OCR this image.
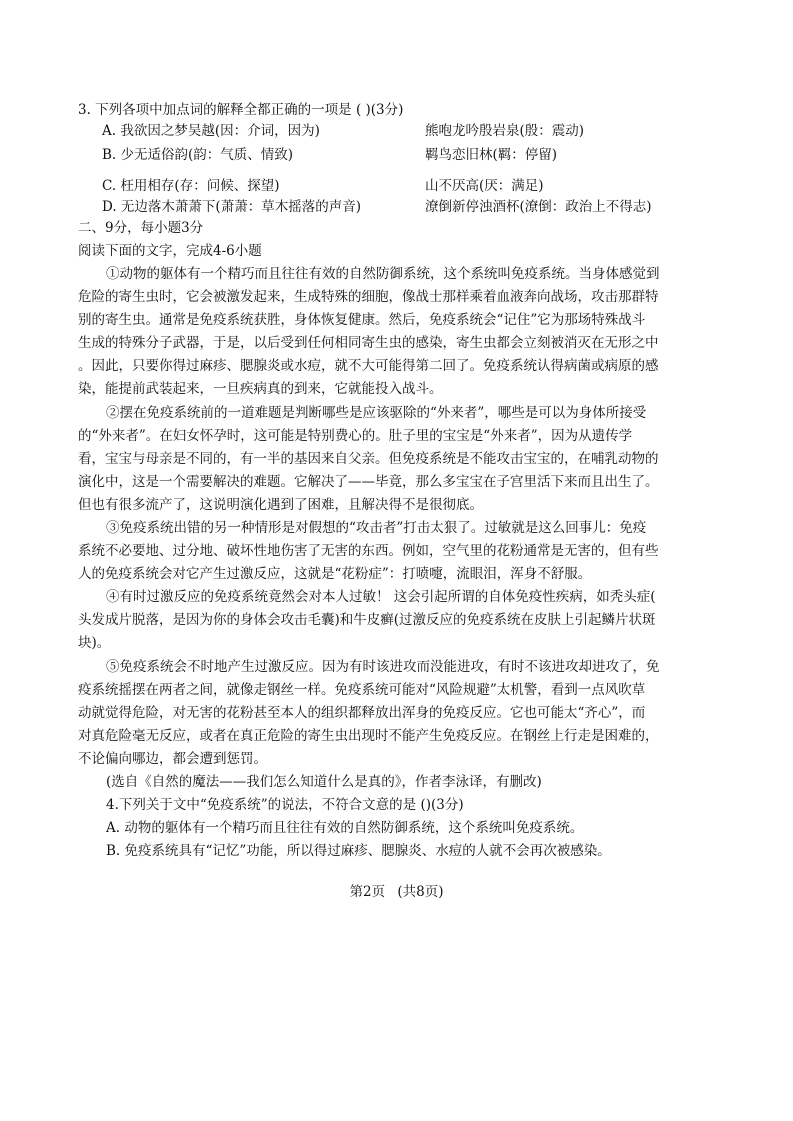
3. 下列各项中加点词的解释全都正确的一项是 ( )(3分)
A. 我欲因之梦吴越(因：介词，因为)	熊咆龙吟殷岩泉(殷：震动)
B. 少无适俗韵(韵：气质、情致)	羁鸟恋旧林(羁：停留)
C. 枉用相存(存：问候、探望)	山不厌高(厌：满足)
D. 无边落木萧萧下(萧萧：草木摇落的声音)	潦倒新停浊酒杯(潦倒：政治上不得志)
二、9分，每小题3分
阅读下面的文字，完成4-6小题
①动物的躯体有一个精巧而且往往有效的自然防御系统，这个系统叫免疫系统。当身体感觉到
危险的寄生虫时，它会被激发起来，生成特殊的细胞，像战士那样乘着血液奔向战场，攻击那群特
别的寄生虫。通常是免疫系统获胜，身体恢复健康。然后，免疫系统会“记住”它为那场特殊战斗
生成的特殊分子武器，于是，以后受到任何相同寄生虫的感染，寄生虫都会立刻被消灭在无形之中
。因此，只要你得过麻疹、腮腺炎或水痘，就不大可能得第二回了。免疫系统认得病菌或病原的感
染，能提前武装起来，一旦疾病真的到来，它就能投入战斗。
②摆在免疫系统前的一道难题是判断哪些是应该驱除的“外来者”，哪些是可以为身体所接受
的“外来者”。在妇女怀孕时，这可能是特别费心的。肚子里的宝宝是“外来者”，因为从遗传学
看，宝宝与母亲是不同的，有一半的基因来自父亲。但免疫系统是不能攻击宝宝的，在哺乳动物的
演化中，这是一个需要解决的难题。它解决了——毕竟，那么多宝宝在子宫里活下来而且出生了。
但也有很多流产了，这说明演化遇到了困难，且解决得不是很彻底。
③免疫系统出错的另一种情形是对假想的“攻击者”打击太狠了。过敏就是这么回事儿：免疫
系统不必要地、过分地、破坏性地伤害了无害的东西。例如，空气里的花粉通常是无害的，但有些
人的免疫系统会对它产生过激反应，这就是“花粉症”：打喷嚏，流眼泪，浑身不舒服。
④有时过激反应的免疫系统竟然会对本人过敏！ 这会引起所谓的自体免疫性疾病，如秃头症(
头发成片脱落，是因为你的身体会攻击毛囊)和牛皮癣(过激反应的免疫系统在皮肤上引起鳞片状斑
块)。
⑤免疫系统会不时地产生过激反应。因为有时该进攻而没能进攻，有时不该进攻却进攻了，免
疫系统摇摆在两者之间，就像走钢丝一样。免疫系统可能对“风险规避”太机警，看到一点风吹草
动就觉得危险，对无害的花粉甚至本人的组织都释放出浑身的免疫反应。它也可能太“齐心”，而
对真危险毫无反应，或者在真正危险的寄生虫出现时不能产生免疫反应。在钢丝上行走是困难的，
不论偏向哪边，都会遭到惩罚。
(选自《自然的魔法——我们怎么知道什么是真的》，作者李泳译，有删改)
4.下列关于文中“免疫系统”的说法，不符合文意的是 ()(3分)
A. 动物的躯体有一个精巧而且往往有效的自然防御系统，这个系统叫免疫系统。
B. 免疫系统具有“记忆”功能，所以得过麻疹、腮腺炎、水痘的人就不会再次被感染。
第2页 (共8页)
